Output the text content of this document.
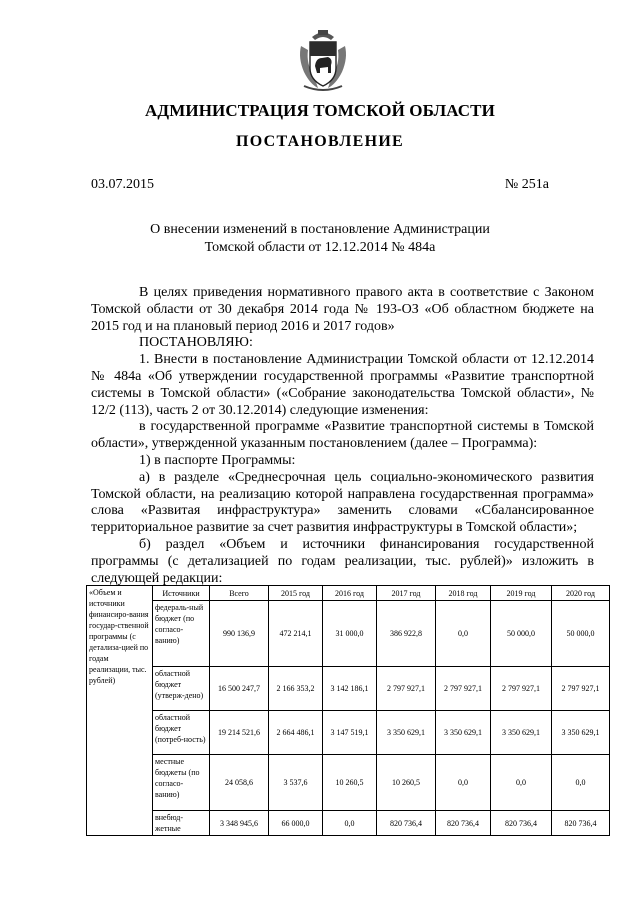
АДМИНИСТРАЦИЯ ТОМСКОЙ ОБЛАСТИ
ПОСТАНОВЛЕНИЕ
03.07.2015	№ 251а
О внесении изменений в постановление Администрации
Томской области от 12.12.2014 № 484а

В целях приведения нормативного правого акта в соответствие с Законом Томской области от 30 декабря 2014 года № 193-ОЗ «Об областном бюджете на 2015 год и на плановый период 2016 и 2017 годов»

ПОСТАНОВЛЯЮ:

1. Внести в постановление Администрации Томской области от 12.12.2014 № 484а «Об утверждении государственной программы «Развитие транспортной системы в Томской области» («Собрание законодательства Томской области», № 12/2 (113), часть 2 от 30.12.2014) следующие изменения:

в государственной программе «Развитие транспортной системы в Томской области», утвержденной указанным постановлением (далее – Программа):

1) в паспорте Программы:

а) в разделе «Среднесрочная цель социально-экономического развития Томской области, на реализацию которой направлена государственная программа» слова «Развитая инфраструктура» заменить словами «Сбалансированное территориальное развитие за счет развития инфраструктуры в Томской области»;

б) раздел «Объем и источники финансирования государственной программы (с детализацией по годам реализации, тыс. рублей)» изложить в следующей редакции:

«Объем и источники финансиро-вания государ-ственной программы (с детализа-цией по годам реализации, тыс. рублей)	Источники	Всего	2015 год	2016 год	2017 год	2018 год	2019 год	2020 год
	федераль-ный бюджет (по согласо-ванию)	990 136,9	472 214,1	31 000,0	386 922,8	0,0	50 000,0	50 000,0
	областной бюджет (утверж-дено)	16 500 247,7	2 166 353,2	3 142 186,1	2 797 927,1	2 797 927,1	2 797 927,1	2 797 927,1
	областной бюджет (потреб-ность)	19 214 521,6	2 664 486,1	3 147 519,1	3 350 629,1	3 350 629,1	3 350 629,1	3 350 629,1
	местные бюджеты (по согласо-ванию)	24 058,6	3 537,6	10 260,5	10 260,5	0,0	0,0	0,0
	внебюд-жетные	3 348 945,6	66 000,0	0,0	820 736,4	820 736,4	820 736,4	820 736,4
